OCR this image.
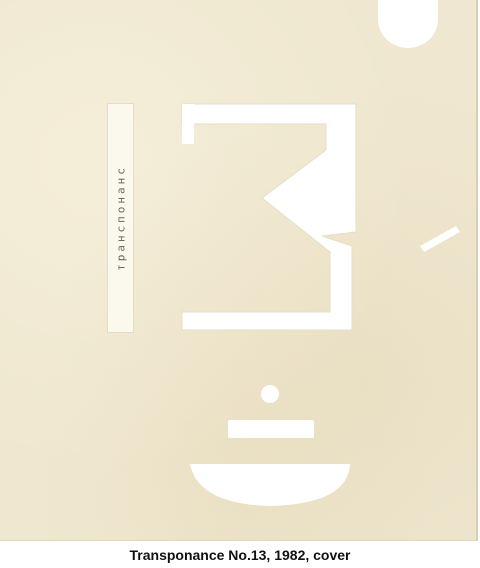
трaнспoнaнс
Transponance No.13, 1982, cover
